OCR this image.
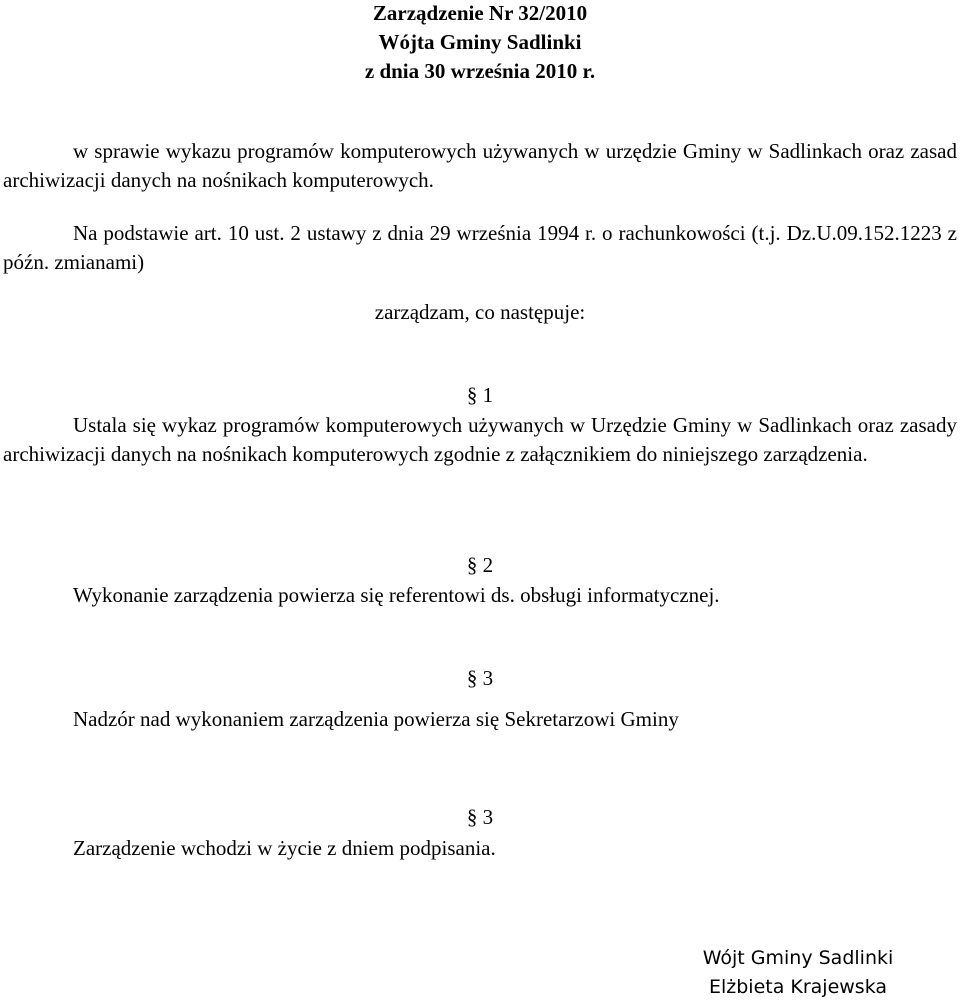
Zarządzenie Nr 32/2010
Wójta Gminy Sadlinki
z dnia 30 września 2010 r.
w sprawie wykazu programów komputerowych używanych w urzędzie Gminy w Sadlinkach oraz zasad archiwizacji danych na nośnikach komputerowych.
Na podstawie art. 10 ust. 2 ustawy z dnia 29 września 1994 r. o rachunkowości (t.j. Dz.U.09.152.1223 z późn. zmianami)
zarządzam, co następuje:
§ 1
Ustala się wykaz programów komputerowych używanych w Urzędzie Gminy w Sadlinkach oraz zasady archiwizacji danych na nośnikach komputerowych zgodnie z załącznikiem do niniejszego zarządzenia.
§ 2
Wykonanie zarządzenia powierza się referentowi ds. obsługi informatycznej.
§ 3
Nadzór nad wykonaniem zarządzenia powierza się Sekretarzowi Gminy
§ 3
Zarządzenie wchodzi w życie z dniem podpisania.
Wójt Gminy Sadlinki
Elżbieta Krajewska
